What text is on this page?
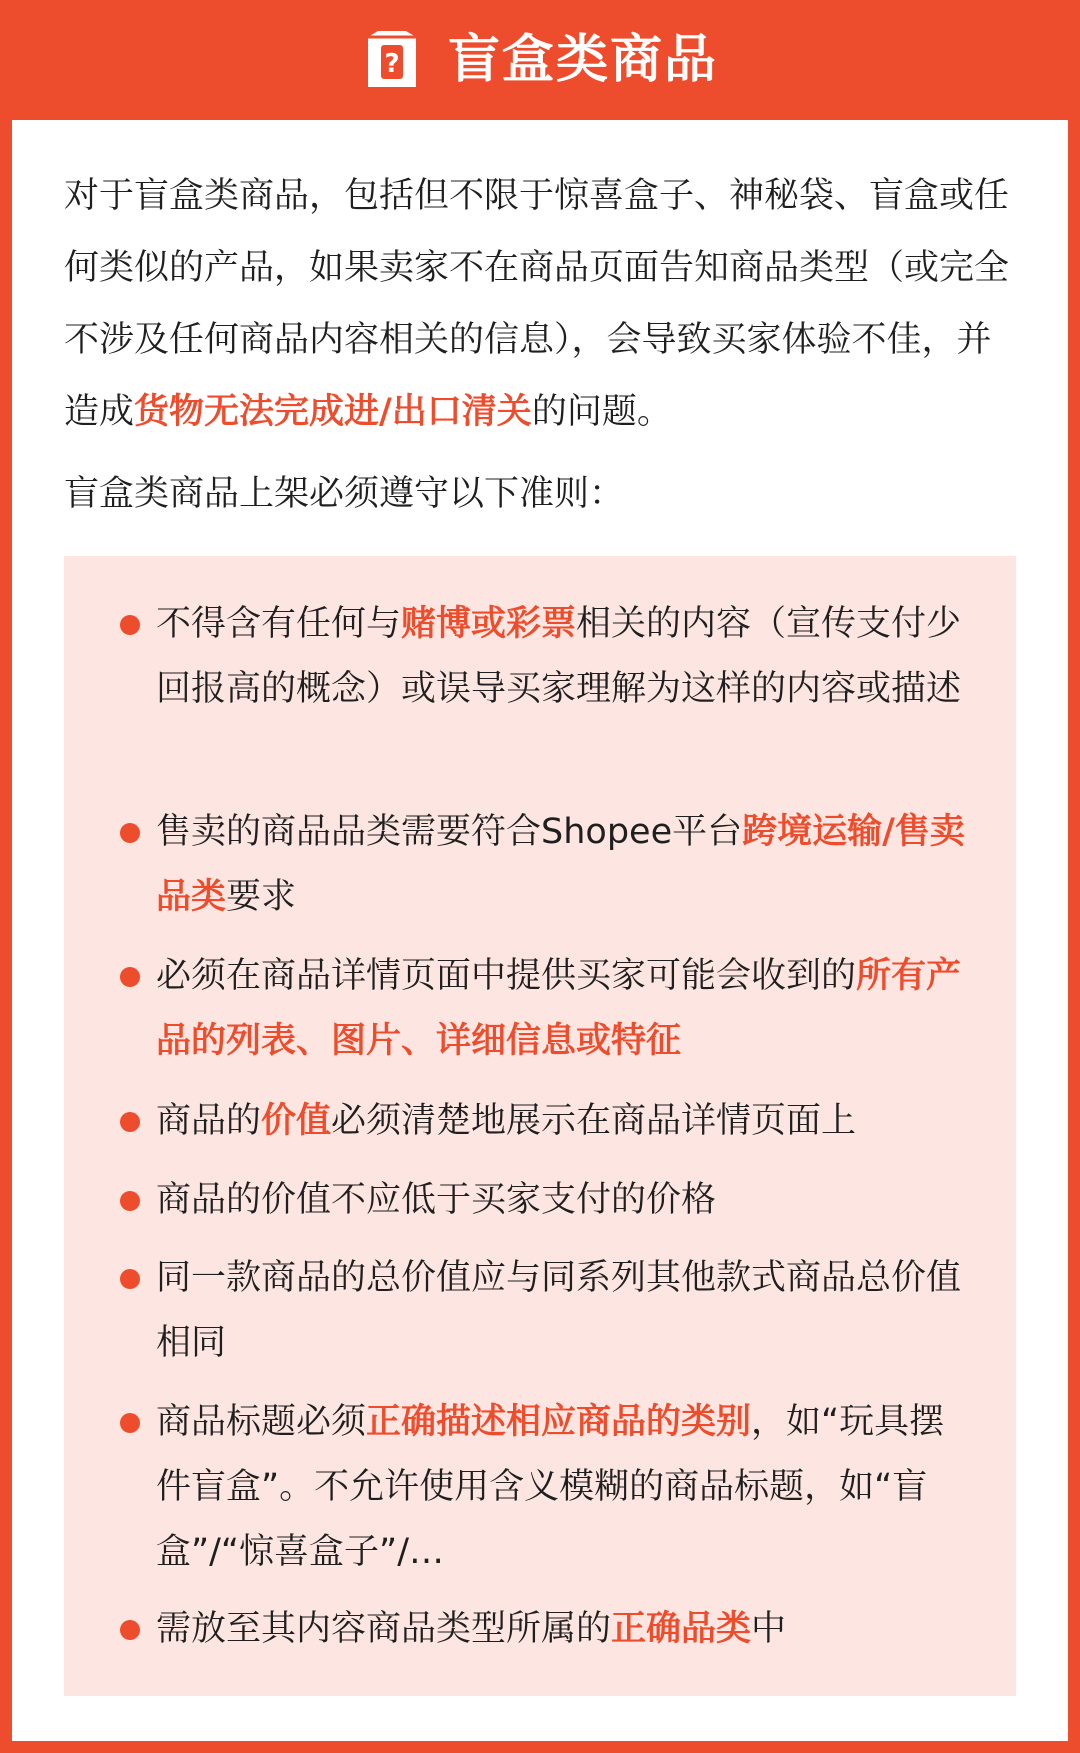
? 盲盒类商品

对于盲盒类商品，包括但不限于惊喜盒子、神秘袋、盲盒或任何类似的产品，如果卖家不在商品页面告知商品类型（或完全不涉及任何商品内容相关的信息），会导致买家体验不佳，并造成货物无法完成进/出口清关的问题。

盲盒类商品上架必须遵守以下准则：

不得含有任何与赌博或彩票相关的内容（宣传支付少回报高的概念）或误导买家理解为这样的内容或描述
售卖的商品品类需要符合Shopee平台跨境运输/售卖品类要求
必须在商品详情页面中提供买家可能会收到的所有产品的列表、图片、详细信息或特征
商品的价值必须清楚地展示在商品详情页面上
商品的价值不应低于买家支付的价格
同一款商品的总价值应与同系列其他款式商品总价值相同
商品标题必须正确描述相应商品的类别，如“玩具摆件盲盒”。不允许使用含义模糊的商品标题，如“盲盒”/“惊喜盒子”/…
需放至其内容商品类型所属的正确品类中
